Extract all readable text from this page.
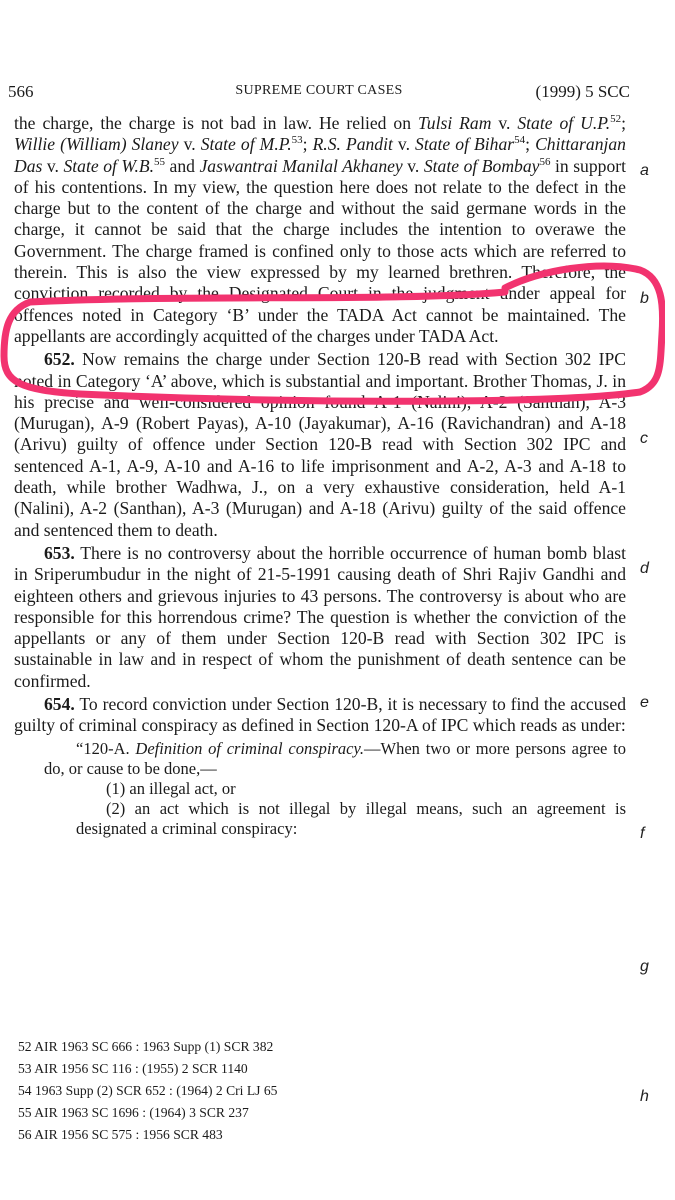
566	SUPREME COURT CASES	(1999) 5 SCC

the charge, the charge is not bad in law. He relied on Tulsi Ram v. State of U.P.$^{52}$; Willie (William) Slaney v. State of M.P.$^{53}$; R.S. Pandit v. State of Bihar$^{54}$; Chittaranjan Das v. State of W.B.$^{55}$ and Jaswantrai Manilal Akhaney v. State of Bombay$^{56}$ in support of his contentions. In my view, the question here does not relate to the defect in the charge but to the content of the charge and without the said germane words in the charge, it cannot be said that the charge includes the intention to overawe the Government. The charge framed is confined only to those acts which are referred to therein. This is also the view expressed by my learned brethren. Therefore, the conviction recorded by the Designated Court in the judgment under appeal for offences noted in Category ‘B’ under the TADA Act cannot be maintained. The appellants are accordingly acquitted of the charges under TADA Act.

652. Now remains the charge under Section 120-B read with Section 302 IPC noted in Category ‘A’ above, which is substantial and important. Brother Thomas, J. in his precise and well-considered opinion found A-1 (Nalini), A-2 (Santhan), A-3 (Murugan), A-9 (Robert Payas), A-10 (Jayakumar), A-16 (Ravichandran) and A-18 (Arivu) guilty of offence under Section 120-B read with Section 302 IPC and sentenced A-1, A-9, A-10 and A-16 to life imprisonment and A-2, A-3 and A-18 to death, while brother Wadhwa, J., on a very exhaustive consideration, held A-1 (Nalini), A-2 (Santhan), A-3 (Murugan) and A-18 (Arivu) guilty of the said offence and sentenced them to death.

653. There is no controversy about the horrible occurrence of human bomb blast in Sriperumbudur in the night of 21-5-1991 causing death of Shri Rajiv Gandhi and eighteen others and grievous injuries to 43 persons. The controversy is about who are responsible for this horrendous crime? The question is whether the conviction of the appellants or any of them under Section 120-B read with Section 302 IPC is sustainable in law and in respect of whom the punishment of death sentence can be confirmed.

654. To record conviction under Section 120-B, it is necessary to find the accused guilty of criminal conspiracy as defined in Section 120-A of IPC which reads as under:

“120-A. Definition of criminal conspiracy.—When two or more persons agree to do, or cause to be done,—

(1) an illegal act, or

(2) an act which is not illegal by illegal means, such an agreement is designated a criminal conspiracy:

a
b
c
d
e
f
g
h
52 AIR 1963 SC 666 : 1963 Supp (1) SCR 382
53 AIR 1956 SC 116 : (1955) 2 SCR 1140
54 1963 Supp (2) SCR 652 : (1964) 2 Cri LJ 65
55 AIR 1963 SC 1696 : (1964) 3 SCR 237
56 AIR 1956 SC 575 : 1956 SCR 483
